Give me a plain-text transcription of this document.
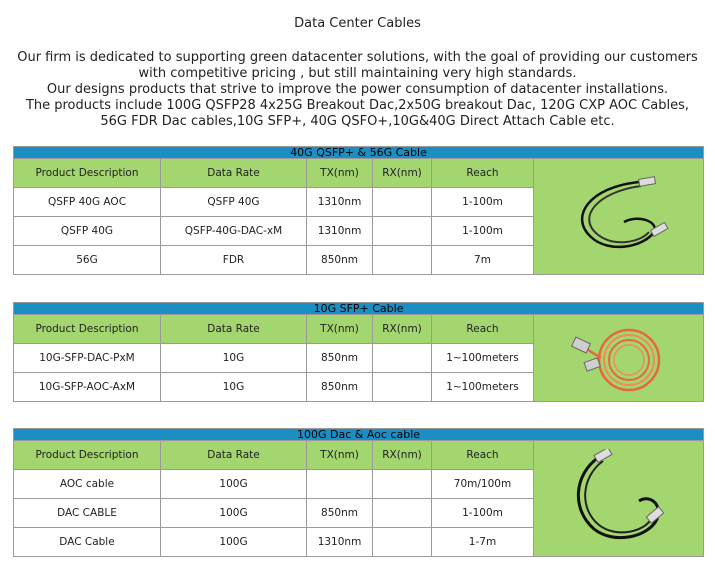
Data Center Cables
Our firm is dedicated to supporting green datacenter solutions, with the goal of providing our customers
with competitive pricing , but still maintaining very high standards.
Our designs products that strive to improve the power consumption of datacenter installations.
The products include 100G QSFP28 4x25G Breakout Dac,2x50G breakout Dac, 120G CXP AOC Cables,
56G FDR Dac cables,10G SFP+, 40G QSFO+,10G&40G Direct Attach Cable etc.
40G QSFP+ & 56G Cable					
Product Description	Data Rate	TX(nm)	RX(nm)	Reach	

QSFP 40G AOC	QSFP 40G	1310nm		1-100m	
QSFP 40G	QSFP-40G-DAC-xM	1310nm		1-100m	
56G	FDR	850nm		7m	
10G SFP+ Cable					
Product Description	Data Rate	TX(nm)	RX(nm)	Reach	

10G-SFP-DAC-PxM	10G	850nm		1~100meters	
10G-SFP-AOC-AxM	10G	850nm		1~100meters	
100G Dac & Aoc cable					
Product Description	Data Rate	TX(nm)	RX(nm)	Reach	

AOC cable	100G			70m/100m	
DAC CABLE	100G	850nm		1-100m	
DAC Cable	100G	1310nm		1-7m	
